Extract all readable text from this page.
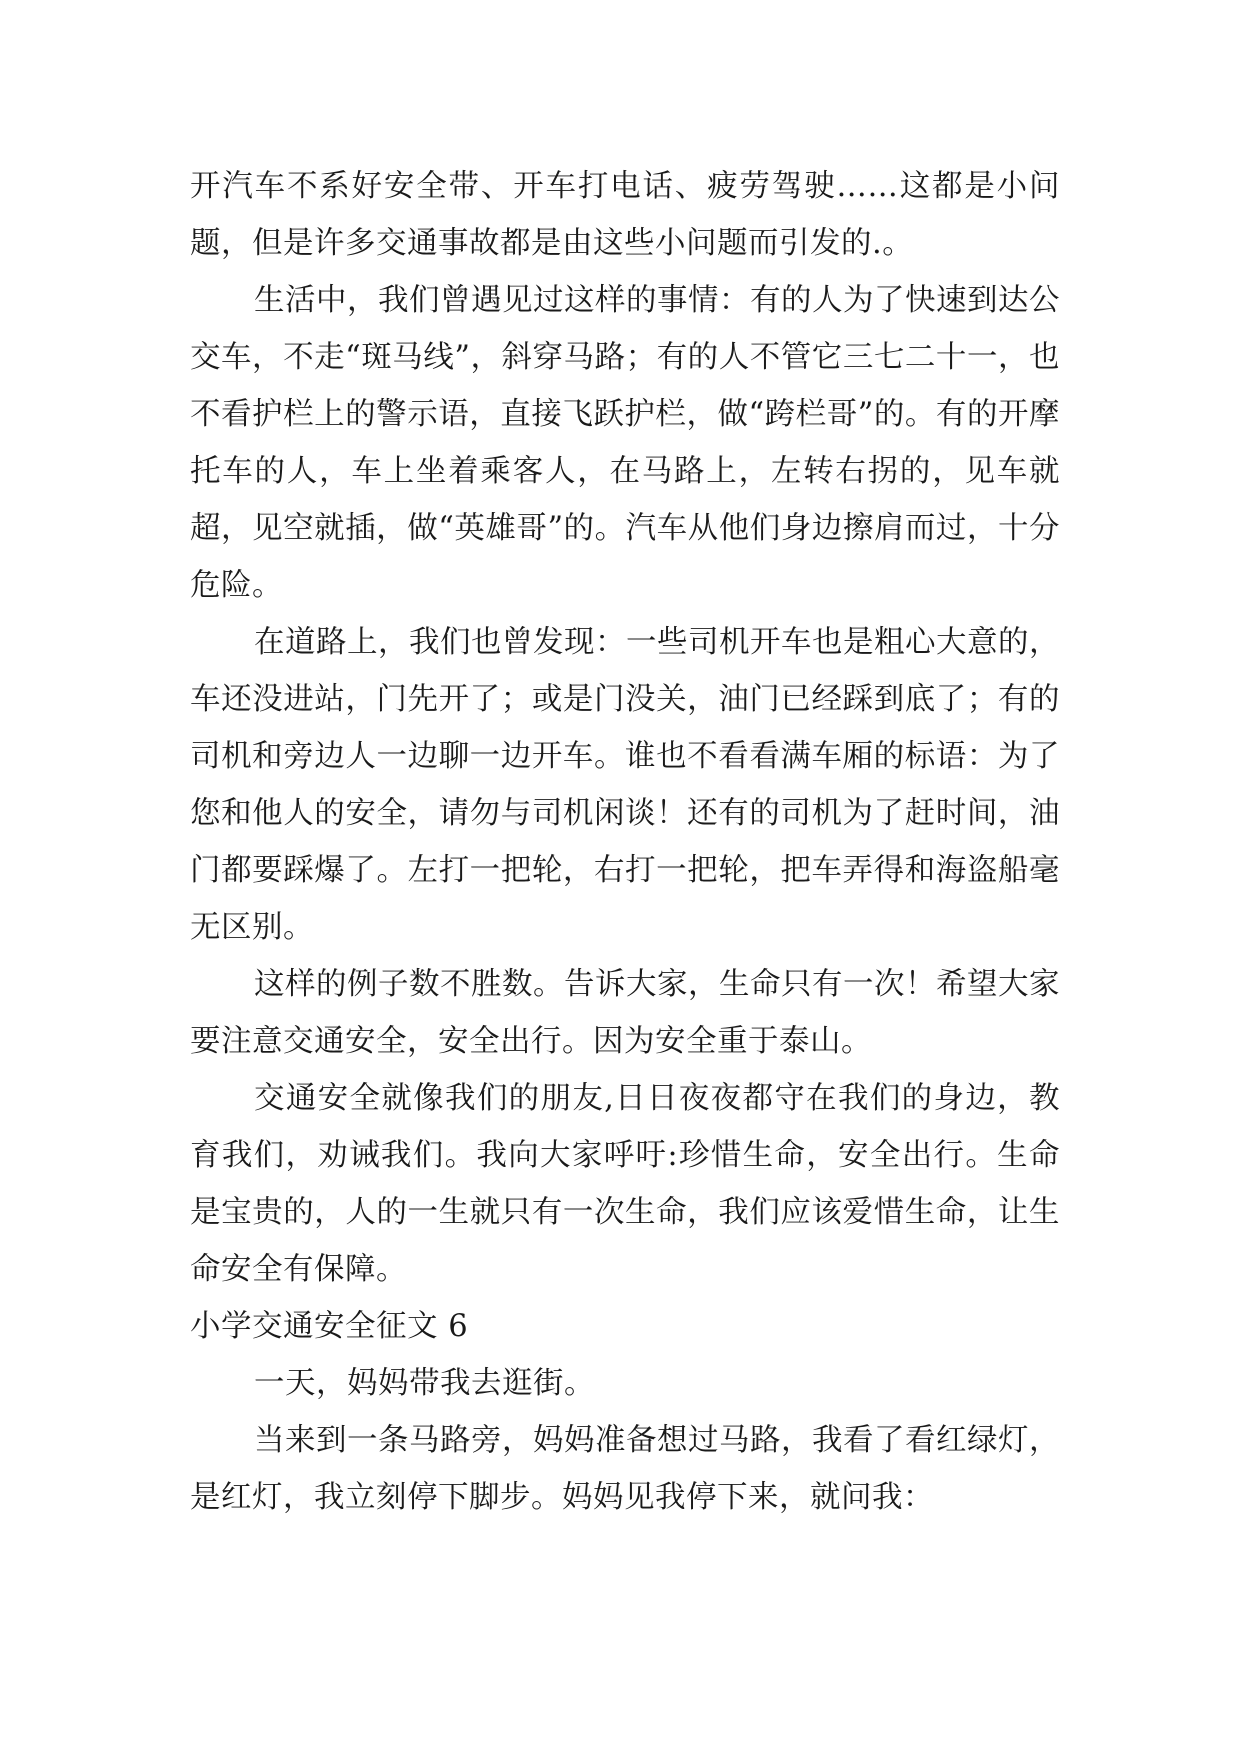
开汽车不系好安全带、开车打电话、疲劳驾驶……这都是小问题，但是许多交通事故都是由这些小问题而引发的.。

生活中，我们曾遇见过这样的事情：有的人为了快速到达公交车，不走“斑马线”，斜穿马路；有的人不管它三七二十一，也不看护栏上的警示语，直接飞跃护栏，做“跨栏哥”的。有的开摩托车的人，车上坐着乘客人，在马路上，左转右拐的，见车就超，见空就插，做“英雄哥”的。汽车从他们身边擦肩而过，十分危险。

在道路上，我们也曾发现：一些司机开车也是粗心大意的，车还没进站，门先开了；或是门没关，油门已经踩到底了；有的司机和旁边人一边聊一边开车。谁也不看看满车厢的标语：为了您和他人的安全，请勿与司机闲谈！还有的司机为了赶时间，油门都要踩爆了。左打一把轮，右打一把轮，把车弄得和海盗船毫无区别。

这样的例子数不胜数。告诉大家，生命只有一次！希望大家要注意交通安全，安全出行。因为安全重于泰山。

交通安全就像我们的朋友,日日夜夜都守在我们的身边，教育我们，劝诫我们。我向大家呼吁:珍惜生命，安全出行。生命是宝贵的，人的一生就只有一次生命，我们应该爱惜生命，让生命安全有保障。

小学交通安全征文 6

一天，妈妈带我去逛街。

当来到一条马路旁，妈妈准备想过马路，我看了看红绿灯，是红灯，我立刻停下脚步。妈妈见我停下来，就问我：
